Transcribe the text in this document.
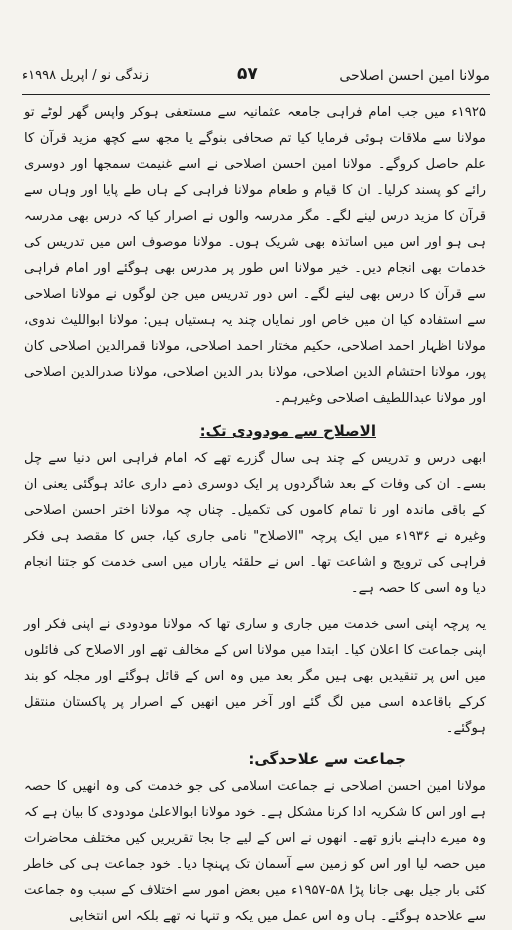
مولانا امین احسن اصلاحی
۵۷
زندگی نو / اپریل ۱۹۹۸ء

۱۹۲۵ء میں جب امام فراہی جامعہ عثمانیہ سے مستعفی ہوکر واپس گھر لوٹے تو مولانا سے ملاقات ہوئی فرمایا کیا تم صحافی بنوگے یا مجھ سے کچھ مزید قرآن کا علم حاصل کروگے۔ مولانا امین احسن اصلاحی نے اسے غنیمت سمجھا اور دوسری رائے کو پسند کرلیا۔ ان کا قیام و طعام مولانا فراہی کے ہاں طے پایا اور وہاں سے قرآن کا مزید درس لینے لگے۔ مگر مدرسہ والوں نے اصرار کیا کہ درس بھی مدرسہ ہی ہو اور اس میں اساتذہ بھی شریک ہوں۔ مولانا موصوف اس میں تدریس کی خدمات بھی انجام دیں۔ خیر مولانا اس طور پر مدرس بھی ہوگئے اور امام فراہی سے قرآن کا درس بھی لینے لگے۔ اس دور تدریس میں جن لوگوں نے مولانا اصلاحی سے استفادہ کیا ان میں خاص اور نمایاں چند یہ ہستیاں ہیں: مولانا ابوالليث ندوی، مولانا اظہار احمد اصلاحی، حکیم مختار احمد اصلاحی، مولانا قمرالدین اصلاحی کان پور، مولانا احتشام الدین اصلاحی، مولانا بدر الدین اصلاحی، مولانا صدرالدین اصلاحی اور مولانا عبداللطیف اصلاحی وغیرہم۔

الاصلاح سے مودودی تک:

ابھی درس و تدریس کے چند ہی سال گزرے تھے کہ امام فراہی اس دنیا سے چل بسے۔ ان کی وفات کے بعد شاگردوں پر ایک دوسری ذمے داری عائد ہوگئی یعنی ان کے باقی ماندہ اور نا تمام کاموں کی تکمیل۔ چناں چہ مولانا اختر احسن اصلاحی وغیرہ نے ۱۹۳۶ء میں ایک پرچہ "الاصلاح" نامی جاری کیا، جس کا مقصد ہی فکر فراہی کی ترویج و اشاعت تھا۔ اس نے حلقئہ یاراں میں اسی خدمت کو جتنا انجام دیا وہ اسی کا حصہ ہے۔

یہ پرچہ اپنی اسی خدمت میں جاری و ساری تھا کہ مولانا مودودی نے اپنی فکر اور اپنی جماعت کا اعلان کیا۔ ابتدا میں مولانا اس کے مخالف تھے اور الاصلاح کی فائلوں میں اس پر تنقیدیں بھی ہیں مگر بعد میں وہ اس کے قائل ہوگئے اور مجلہ کو بند کرکے باقاعدہ اسی میں لگ گئے اور آخر میں انھیں کے اصرار پر پاکستان منتقل ہوگئے۔

جماعت سے علاحدگی:

مولانا امین احسن اصلاحی نے جماعت اسلامی کی جو خدمت کی وہ انھیں کا حصہ ہے اور اس کا شکریہ ادا کرنا مشکل ہے۔ خود مولانا ابوالاعلیٰ مودودی کا بیان ہے کہ وہ میرے داہنے بازو تھے۔ انھوں نے اس کے لیے جا بجا تقریریں کیں مختلف محاضرات میں حصہ لیا اور اس کو زمین سے آسمان تک پہنچا دیا۔ خود جماعت ہی کی خاطر کئی بار جیل بھی جانا پڑا ۵۸-۱۹۵۷ء میں بعض امور سے اختلاف کے سبب وہ جماعت سے علاحدہ ہوگئے۔ ہاں وہ اس عمل میں یکہ و تنہا نہ تھے بلکہ اس انتخابی
